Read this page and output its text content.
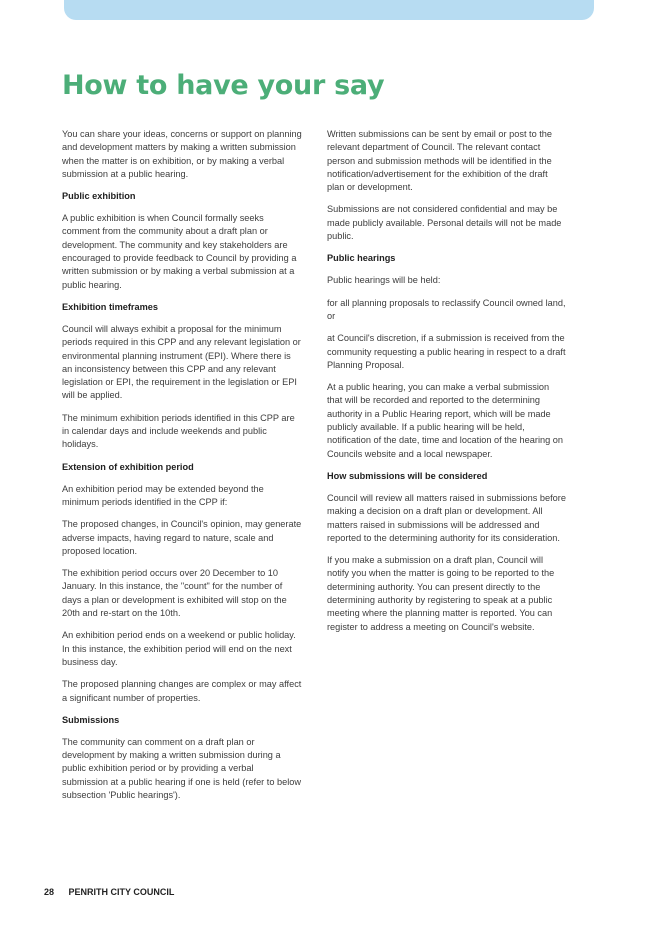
How to have your say

You can share your ideas, concerns or support on planning and development matters by making a written submission when the matter is on exhibition, or by making a verbal submission at a public hearing.

Public exhibition

A public exhibition is when Council formally seeks comment from the community about a draft plan or development. The community and key stakeholders are encouraged to provide feedback to Council by providing a written submission or by making a verbal submission at a public hearing.

Exhibition timeframes

Council will always exhibit a proposal for the minimum periods required in this CPP and any relevant legislation or environmental planning instrument (EPI). Where there is an inconsistency between this CPP and any relevant legislation or EPI, the requirement in the legislation or EPI will be applied.

The minimum exhibition periods identified in this CPP are in calendar days and include weekends and public holidays.

Extension of exhibition period

An exhibition period may be extended beyond the minimum periods identified in the CPP if:

The proposed changes, in Council's opinion, may generate adverse impacts, having regard to nature, scale and proposed location.

The exhibition period occurs over 20 December to 10 January. In this instance, the "count" for the number of days a plan or development is exhibited will stop on the 20th and re-start on the 10th.

An exhibition period ends on a weekend or public holiday. In this instance, the exhibition period will end on the next business day.

The proposed planning changes are complex or may affect a significant number of properties.

Submissions

The community can comment on a draft plan or development by making a written submission during a public exhibition period or by providing a verbal submission at a public hearing if one is held (refer to below subsection 'Public hearings').

Written submissions can be sent by email or post to the relevant department of Council. The relevant contact person and submission methods will be identified in the notification/advertisement for the exhibition of the draft plan or development.

Submissions are not considered confidential and may be made publicly available. Personal details will not be made public.

Public hearings

Public hearings will be held:

for all planning proposals to reclassify Council owned land, or

at Council's discretion, if a submission is received from the community requesting a public hearing in respect to a draft Planning Proposal.

At a public hearing, you can make a verbal submission that will be recorded and reported to the determining authority in a Public Hearing report, which will be made publicly available. If a public hearing will be held, notification of the date, time and location of the hearing on Councils website and a local newspaper.

How submissions will be considered

Council will review all matters raised in submissions before making a decision on a draft plan or development. All matters raised in submissions will be addressed and reported to the determining authority for its consideration.

If you make a submission on a draft plan, Council will notify you when the matter is going to be reported to the determining authority. You can present directly to the determining authority by registering to speak at a public meeting where the planning matter is reported. You can register to address a meeting on Council's website.

28 PENRITH CITY COUNCIL
